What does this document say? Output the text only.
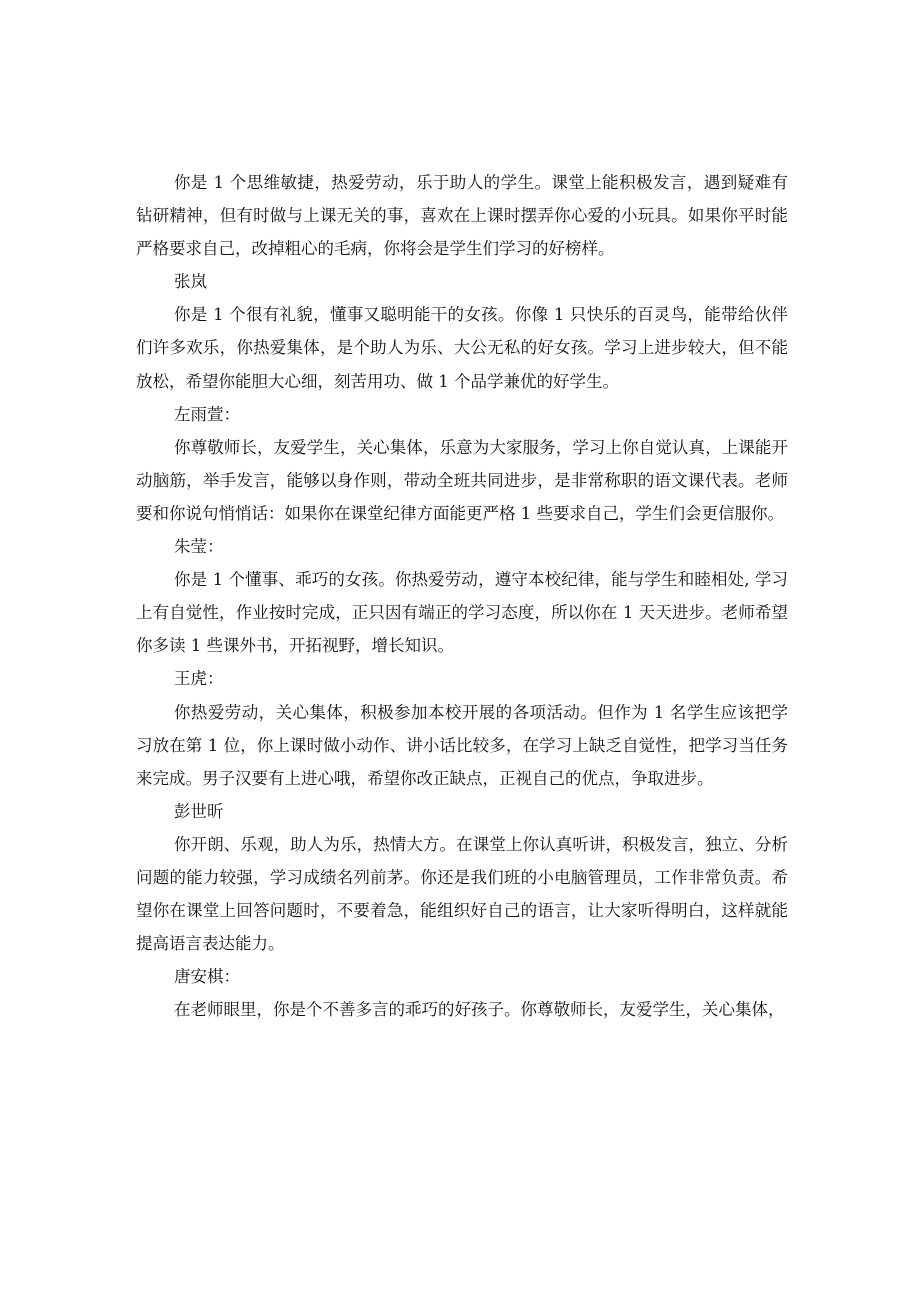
你是 1 个思维敏捷，热爱劳动，乐于助人的学生。课堂上能积极发言，遇到疑难有钻研精神，但有时做与上课无关的事，喜欢在上课时摆弄你心爱的小玩具。如果你平时能严格要求自己，改掉粗心的毛病，你将会是学生们学习的好榜样。

张岚

你是 1 个很有礼貌，懂事又聪明能干的女孩。你像 1 只快乐的百灵鸟，能带给伙伴们许多欢乐，你热爱集体，是个助人为乐、大公无私的好女孩。学习上进步较大，但不能放松，希望你能胆大心细，刻苦用功、做 1 个品学兼优的好学生。

左雨萱：

你尊敬师长，友爱学生，关心集体，乐意为大家服务，学习上你自觉认真，上课能开动脑筋，举手发言，能够以身作则，带动全班共同进步，是非常称职的语文课代表。老师要和你说句悄悄话：如果你在课堂纪律方面能更严格 1 些要求自己，学生们会更信服你。

朱莹：

你是 1 个懂事、乖巧的女孩。你热爱劳动，遵守本校纪律，能与学生和睦相处, 学习上有自觉性，作业按时完成，正只因有端正的学习态度，所以你在 1 天天进步。老师希望你多读 1 些课外书，开拓视野，增长知识。

王虎：

你热爱劳动，关心集体，积极参加本校开展的各项活动。但作为 1 名学生应该把学习放在第 1 位，你上课时做小动作、讲小话比较多，在学习上缺乏自觉性，把学习当任务来完成。男子汉要有上进心哦，希望你改正缺点，正视自己的优点，争取进步。

彭世昕

你开朗、乐观，助人为乐，热情大方。在课堂上你认真听讲，积极发言，独立、分析问题的能力较强，学习成绩名列前茅。你还是我们班的小电脑管理员，工作非常负责。希望你在课堂上回答问题时，不要着急，能组织好自己的语言，让大家听得明白，这样就能提高语言表达能力。

唐安棋：

在老师眼里，你是个不善多言的乖巧的好孩子。你尊敬师长，友爱学生，关心集体，
